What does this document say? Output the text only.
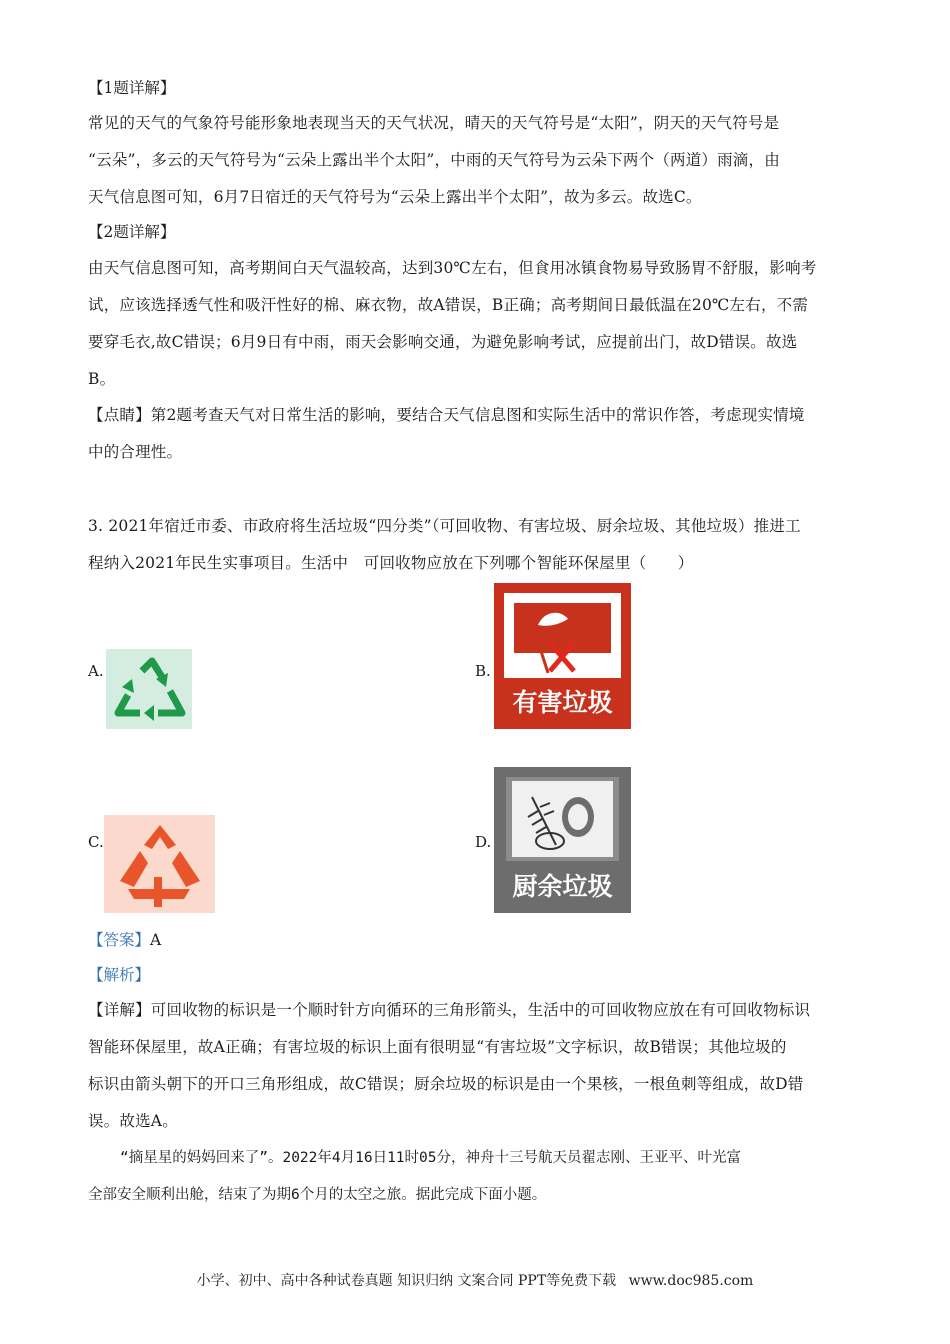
【1题详解】
常见的天气的气象符号能形象地表现当天的天气状况，晴天的天气符号是“太阳”，阴天的天气符号是
“云朵”，多云的天气符号为“云朵上露出半个太阳”，中雨的天气符号为云朵下两个（两道）雨滴，由
天气信息图可知，6月7日宿迁的天气符号为“云朵上露出半个太阳”，故为多云。故选C。
【2题详解】
由天气信息图可知，高考期间白天气温较高，达到30℃左右，但食用冰镇食物易导致肠胃不舒服，影响考
试，应该选择透气性和吸汗性好的棉、麻衣物，故A错误，B正确；高考期间日最低温在20℃左右，不需
要穿毛衣,故C错误；6月9日有中雨，雨天会影响交通，为避免影响考试，应提前出门，故D错误。故选
B。
【点睛】第2题考查天气对日常生活的影响，要结合天气信息图和实际生活中的常识作答，考虑现实情境
中的合理性。
3. 2021年宿迁市委、市政府将生活垃圾“四分类”（可回收物、有害垃圾、厨余垃圾、其他垃圾）推进工
程纳入2021年民生实事项目。生活中　可回收物应放在下列哪个智能环保屋里（　　）
A.	B.
有害垃圾
C.	D.
厨余垃圾
【答案】A
【解析】
【详解】可回收物的标识是一个顺时针方向循环的三角形箭头，生活中的可回收物应放在有可回收物标识
智能环保屋里，故A正确；有害垃圾的标识上面有很明显“有害垃圾”文字标识，故B错误；其他垃圾的
标识由箭头朝下的开口三角形组成，故C错误；厨余垃圾的标识是由一个果核，一根鱼刺等组成，故D错
误。故选A。
“摘星星的妈妈回来了”。2022年4月16日11时05分，神舟十三号航天员翟志刚、王亚平、叶光富
全部安全顺利出舱，结束了为期6个月的太空之旅。据此完成下面小题。
小学、初中、高中各种试卷真题 知识归纳 文案合同 PPT等免费下载 www.doc985.com
